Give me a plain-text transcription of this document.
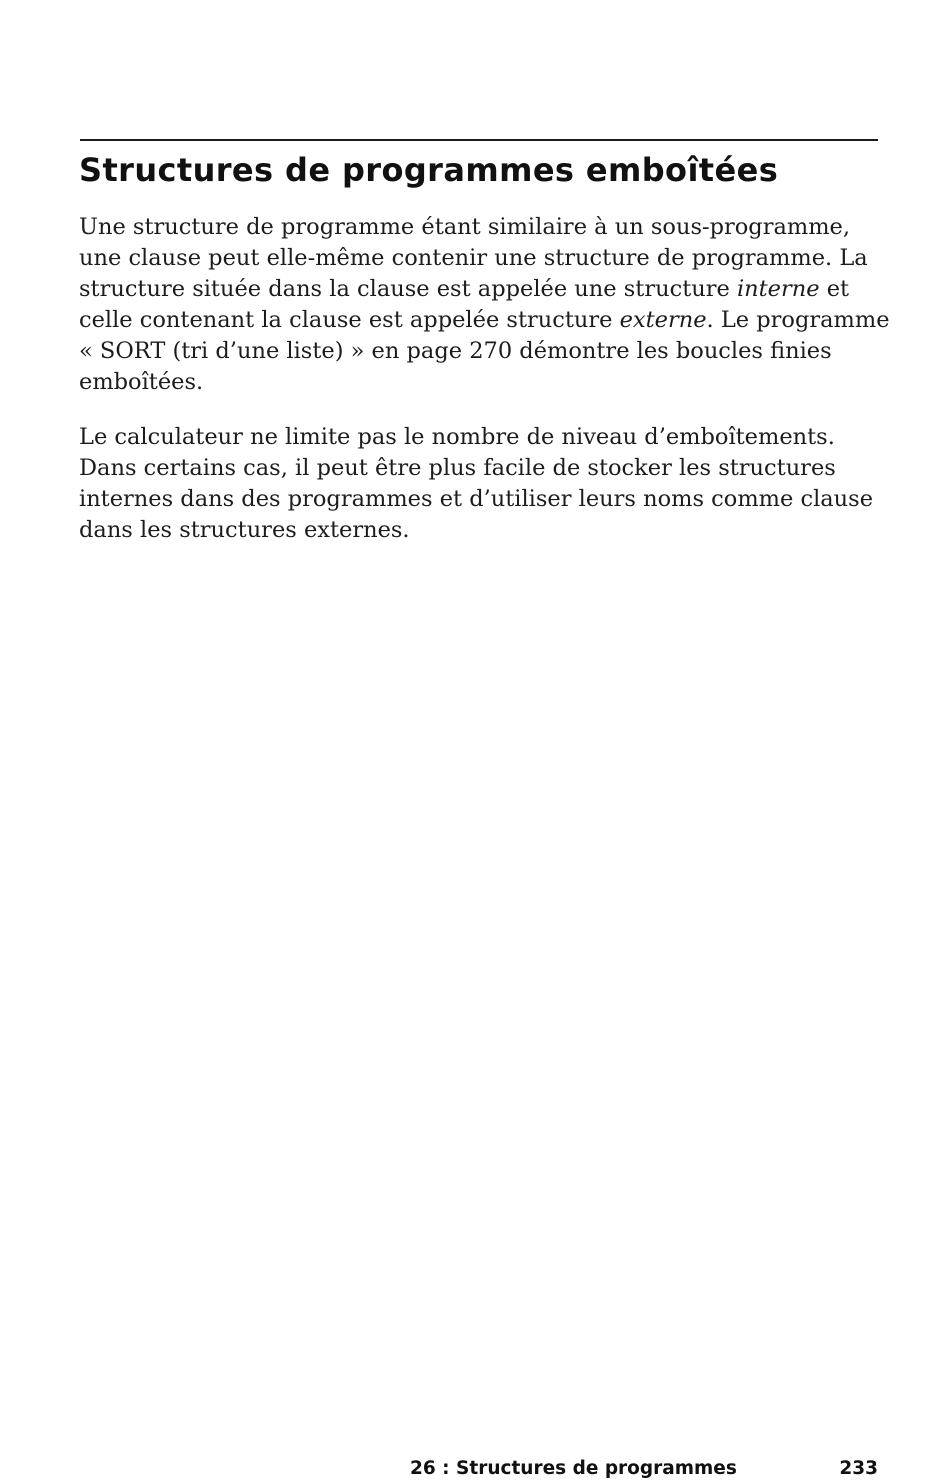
Structures de programmes emboîtées

Une structure de programme étant similaire à un sous-programme,
une clause peut elle-même contenir une structure de programme. La
structure située dans la clause est appelée une structure interne et
celle contenant la clause est appelée structure externe. Le programme
« SORT (tri d’une liste) » en page 270 démontre les boucles finies
emboîtées.

Le calculateur ne limite pas le nombre de niveau d’emboîtements.
Dans certains cas, il peut être plus facile de stocker les structures
internes dans des programmes et d’utiliser leurs noms comme clause
dans les structures externes.

26 : Structures de programmes	233
